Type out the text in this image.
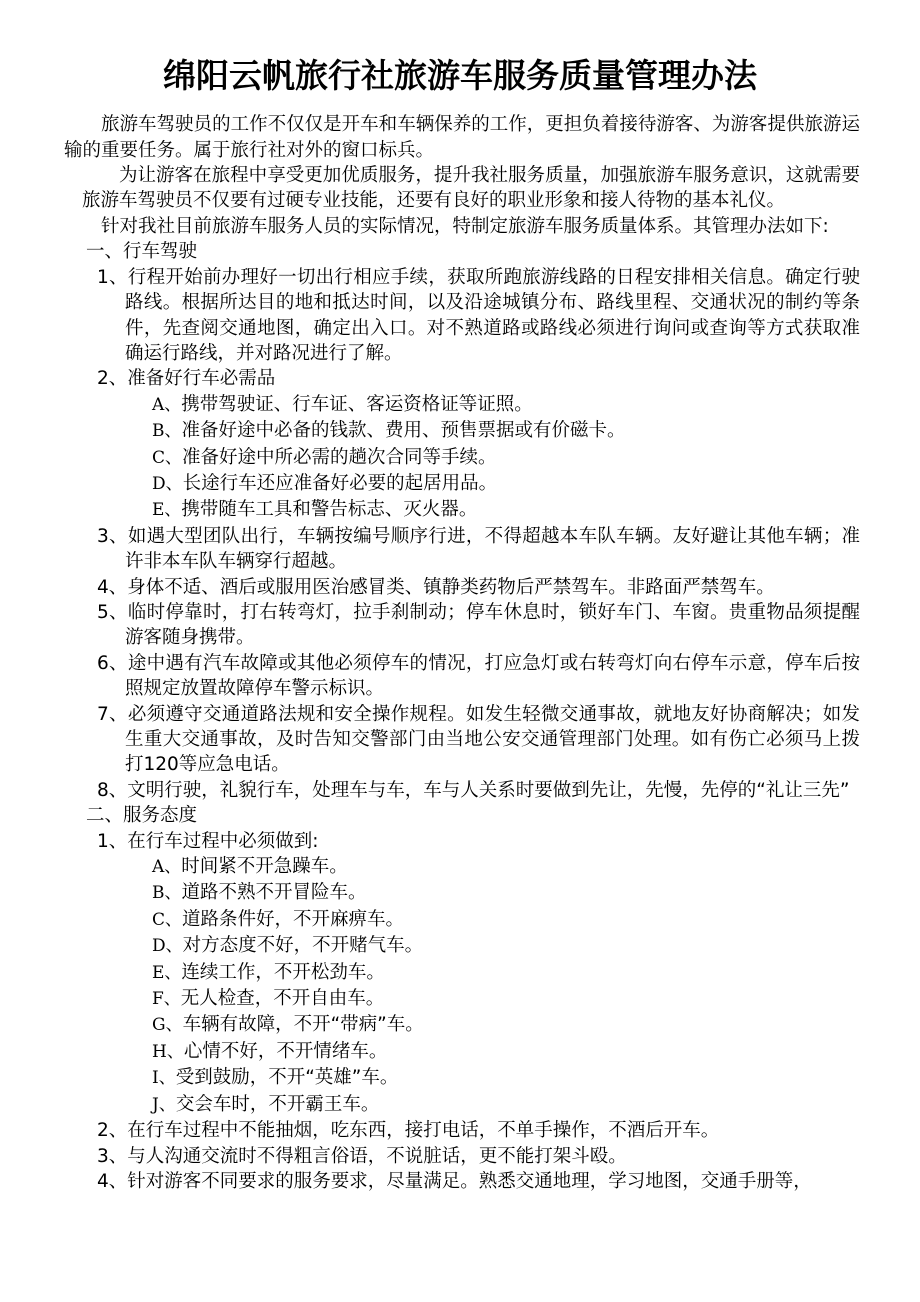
绵阳云帆旅行社旅游车服务质量管理办法

旅游车驾驶员的工作不仅仅是开车和车辆保养的工作，更担负着接待游客、为游客提供旅游运输的重要任务。属于旅行社对外的窗口标兵。

为让游客在旅程中享受更加优质服务，提升我社服务质量，加强旅游车服务意识，这就需要旅游车驾驶员不仅要有过硬专业技能，还要有良好的职业形象和接人待物的基本礼仪。

针对我社目前旅游车服务人员的实际情况，特制定旅游车服务质量体系。其管理办法如下:

一、行车驾驶

1、行程开始前办理好一切出行相应手续，获取所跑旅游线路的日程安排相关信息。确定行驶路线。根据所达目的地和抵达时间，以及沿途城镇分布、路线里程、交通状况的制约等条件，先查阅交通地图，确定出入口。对不熟道路或路线必须进行询问或查询等方式获取准确运行路线，并对路况进行了解。

2、准备好行车必需品

A、携带驾驶证、行车证、客运资格证等证照。

B、准备好途中必备的钱款、费用、预售票据或有价磁卡。

C、准备好途中所必需的趟次合同等手续。

D、长途行车还应准备好必要的起居用品。

E、携带随车工具和警告标志、灭火器。

3、如遇大型团队出行，车辆按编号顺序行进，不得超越本车队车辆。友好避让其他车辆；准许非本车队车辆穿行超越。

4、身体不适、酒后或服用医治感冒类、镇静类药物后严禁驾车。非路面严禁驾车。

5、临时停靠时，打右转弯灯，拉手刹制动；停车休息时，锁好车门、车窗。贵重物品须提醒游客随身携带。

6、途中遇有汽车故障或其他必须停车的情况，打应急灯或右转弯灯向右停车示意，停车后按照规定放置故障停车警示标识。

7、必须遵守交通道路法规和安全操作规程。如发生轻微交通事故，就地友好协商解决；如发生重大交通事故，及时告知交警部门由当地公安交通管理部门处理。如有伤亡必须马上拨打120等应急电话。

8、文明行驶，礼貌行车，处理车与车，车与人关系时要做到先让，先慢，先停的“礼让三先”

二、服务态度

1、在行车过程中必须做到:

A、时间紧不开急躁车。

B、道路不熟不开冒险车。

C、道路条件好，不开麻痹车。

D、对方态度不好，不开赌气车。

E、连续工作，不开松劲车。

F、无人检查，不开自由车。

G、车辆有故障，不开“带病”车。

H、心情不好，不开情绪车。

I、受到鼓励，不开“英雄”车。

J、交会车时，不开霸王车。

2、在行车过程中不能抽烟，吃东西，接打电话，不单手操作，不酒后开车。

3、与人沟通交流时不得粗言俗语，不说脏话，更不能打架斗殴。

4、针对游客不同要求的服务要求，尽量满足。熟悉交通地理，学习地图，交通手册等，
